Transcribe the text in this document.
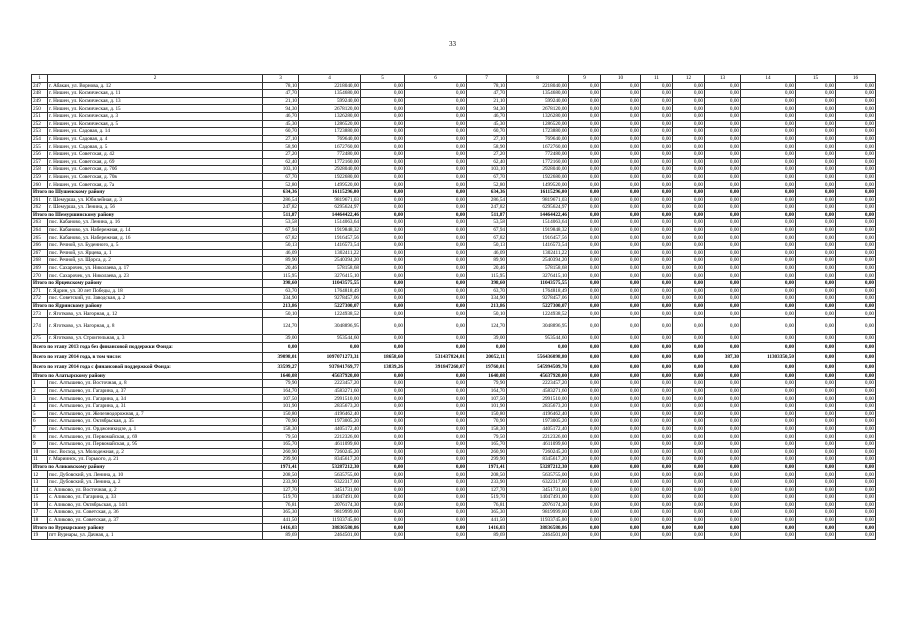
33
1	2	3	4	5	6	7	8	9	10	11	12	13	14	15	16
247	г. Абакан, ул. Ворнова, д. 12	78,10	2218040,00	0,00	0,00	78,10	2218040,00	0,00	0,00	0,00	0,00	0,00	0,00	0,00	0,00
248	г. Нишен, ул. Космическая, д. 11	47,70	1354680,00	0,00	0,00	47,70	1354680,00	0,00	0,00	0,00	0,00	0,00	0,00	0,00	0,00
249	г. Нишен, ул. Космическая, д. 13	21,10	599240,00	0,00	0,00	21,10	599240,00	0,00	0,00	0,00	0,00	0,00	0,00	0,00	0,00
250	г. Нишен, ул. Космическая, д. 15	94,30	2678120,00	0,00	0,00	94,30	2678120,00	0,00	0,00	0,00	0,00	0,00	0,00	0,00	0,00
251	г. Нишен, ул. Космическая, д. 3	46,70	1326280,00	0,00	0,00	46,70	1326280,00	0,00	0,00	0,00	0,00	0,00	0,00	0,00	0,00
252	г. Нишен, ул. Космическая, д. 5	45,30	1286520,00	0,00	0,00	45,30	1286520,00	0,00	0,00	0,00	0,00	0,00	0,00	0,00	0,00
253	г. Нишен, ул. Садовая, д. 14	60,70	1723880,00	0,00	0,00	60,70	1723880,00	0,00	0,00	0,00	0,00	0,00	0,00	0,00	0,00
254	г. Нишен, ул. Садовая, д. 4	27,10	769640,00	0,00	0,00	27,10	769640,00	0,00	0,00	0,00	0,00	0,00	0,00	0,00	0,00
255	г. Нишен, ул. Садовая, д. 5	58,90	1672760,00	0,00	0,00	58,90	1672760,00	0,00	0,00	0,00	0,00	0,00	0,00	0,00	0,00
256	г. Нишен, ул. Советская, д. 42	27,20	772480,00	0,00	0,00	27,20	772480,00	0,00	0,00	0,00	0,00	0,00	0,00	0,00	0,00
257	г. Нишен, ул. Советская, д. 69	62,40	1772160,00	0,00	0,00	62,40	1772160,00	0,00	0,00	0,00	0,00	0,00	0,00	0,00	0,00
258	г. Нишен, ул. Советская, д. 70б	103,10	2928040,00	0,00	0,00	103,10	2928040,00	0,00	0,00	0,00	0,00	0,00	0,00	0,00	0,00
259	г. Нишен, ул. Советская, д. 70в	67,70	1922680,00	0,00	0,00	67,70	1922680,00	0,00	0,00	0,00	0,00	0,00	0,00	0,00	0,00
260	г. Нишен, ул. Советская, д. 7а	52,80	1499520,00	0,00	0,00	52,80	1499520,00	0,00	0,00	0,00	0,00	0,00	0,00	0,00	0,00
Итого по Шушенскому району		634,36	16115296,00	0,00	0,00	634,36	16115296,00	0,00	0,00	0,00	0,00	0,00	0,00	0,00	0,00
261	г. Шемурша, ул. Юбилейная, д. 3	286,54	9819671,03	0,00	0,00	286,54	9819671,03	0,00	0,00	0,00	0,00	0,00	0,00	0,00	0,00
262	г. Шемурша, ул. Ленина, д. 56	247,82	6295624,97	0,00	0,00	247,82	6295624,97	0,00	0,00	0,00	0,00	0,00	0,00	0,00	0,00
Итого по Шемуршинскому району		511,87	14464422,46	0,00	0,00	511,87	14464422,46	0,00	0,00	0,00	0,00	0,00	0,00	0,00	0,00
263	пос. Кабаново, ул. Ленина, д. 16	53,58	1514063,64	0,00	0,00	53,58	1514063,64	0,00	0,00	0,00	0,00	0,00	0,00	0,00	0,00
264	пос. Кабаново, ул. Набережная, д. 14	67,94	1919848,32	0,00	0,00	67,94	1919848,32	0,00	0,00	0,00	0,00	0,00	0,00	0,00	0,00
265	пос. Кабаново, ул. Набережная, д. 16	67,82	1916457,56	0,00	0,00	67,82	1916457,56	0,00	0,00	0,00	0,00	0,00	0,00	0,00	0,00
266	пос. Речной, ул. Буденного, д. 5	50,13	1416573,54	0,00	0,00	50,13	1416573,54	0,00	0,00	0,00	0,00	0,00	0,00	0,00	0,00
267	пос. Речной, ул. Ярцева, д. 1	46,09	1302411,22	0,00	0,00	46,09	1302411,22	0,00	0,00	0,00	0,00	0,00	0,00	0,00	0,00
268	пос. Речной, ул. Щорса, д. 2	89,90	2540394,20	0,00	0,00	89,90	2540394,20	0,00	0,00	0,00	0,00	0,00	0,00	0,00	0,00
269	пос. Сахарочек, ул. Николаева, д. 17	20,46	578158,68	0,00	0,00	20,46	578158,68	0,00	0,00	0,00	0,00	0,00	0,00	0,00	0,00
270	пос. Сахарочек, ул. Николаева, д. 23	115,95	3276415,10	0,00	0,00	115,95	3276415,10	0,00	0,00	0,00	0,00	0,00	0,00	0,00	0,00
Итого по Ярцевскому району		398,60	11043575,55	0,00	0,00	398,60	11043575,55	0,00	0,00	0,00	0,00	0,00	0,00	0,00	0,00
271	г. Ядрин, ул. 30 лет Победы, д. 18	63,70	1764818,49	0,00	0,00	63,70	1764818,49	0,00	0,00	0,00	0,00	0,00	0,00	0,00	0,00
272	пос. Советский, ул. Заводская, д. 2	334,90	9278457,06	0,00	0,00	334,90	9278457,06	0,00	0,00	0,00	0,00	0,00	0,00	0,00	0,00
Итого по Ядринскому району		213,86	5227300,07	0,00	0,00	213,86	5227300,07	0,00	0,00	0,00	0,00	0,00	0,00	0,00	0,00
273	г. Яготково, ул. Нагорная, д. 12	50,10	1224938,52	0,00	0,00	50,10	1224938,52	0,00	0,00	0,00	0,00	0,00	0,00	0,00	0,00
274	г. Яготково, ул. Нагорная, д. 8	124,70	3048896,95	0,00	0,00	124,70	3048896,95	0,00	0,00	0,00	0,00	0,00	0,00	0,00	0,00
275	г. Яготково, ул. Строительная, д. 3	39,00	953544,60	0,00	0,00	39,00	953544,60	0,00	0,00	0,00	0,00	0,00	0,00	0,00	0,00
Всего по этапу 2013 года без финансовой поддержки Фонда:		0,00	0,00	0,00	0,00	0,00	0,00	0,00	0,00	0,00	0,00	0,00	0,00	0,00	0,00
Всего по этапу 2014 года, в том числе:		39098,01	1097071273,31	18658,60	531437824,01	20052,11	556436098,80	0,00	0,00	0,00	0,00	387,30	11303350,50	0,00	0,00
Всего по этапу 2014 года с финансовой поддержкой Фонда:		33599,27	937841769,77	13839,26	391847260,07	19760,01	545994509,70	0,00	0,00	0,00	0,00	0,00	0,00	0,00	0,00
Итого по Алатырскому району		1640,08	45637920,00	0,00	0,00	1640,08	45637920,00	0,00	0,00	0,00	0,00	0,00	0,00	0,00	0,00
1	пос. Алтышево, ул. Восточная, д. 8	79,90	2223457,20	0,00	0,00	79,90	2223457,20	0,00	0,00	0,00	0,00	0,00	0,00	0,00	0,00
2	пос. Алтышево, ул. Гагарина, д. 37	164,70	4583271,60	0,00	0,00	164,70	4583271,60	0,00	0,00	0,00	0,00	0,00	0,00	0,00	0,00
3	пос. Алтышево, ул. Гагарина, д. 34	107,50	2991510,00	0,00	0,00	107,50	2991510,00	0,00	0,00	0,00	0,00	0,00	0,00	0,00	0,00
4	пос. Алтышево, ул. Гагарина, д. 31	101,90	2835673,20	0,00	0,00	101,90	2835673,20	0,00	0,00	0,00	0,00	0,00	0,00	0,00	0,00
5	пос. Алтышево, ул. Железнодорожная, д. 7	150,80	4196462,40	0,00	0,00	150,80	4196462,40	0,00	0,00	0,00	0,00	0,00	0,00	0,00	0,00
6	пос. Алтышево, ул. Октябрьская, д. 35	70,90	1973005,20	0,00	0,00	70,90	1973005,20	0,00	0,00	0,00	0,00	0,00	0,00	0,00	0,00
7	пос. Алтышево, ул. Орджоникидзе, д. 1	158,30	4405172,40	0,00	0,00	158,30	4405172,40	0,00	0,00	0,00	0,00	0,00	0,00	0,00	0,00
8	пос. Алтышево, ул. Первомайская, д. 69	79,50	2212326,00	0,00	0,00	79,50	2212326,00	0,00	0,00	0,00	0,00	0,00	0,00	0,00	0,00
9	пос. Алтышево, ул. Первомайская, д. 95	165,70	4611099,60	0,00	0,00	165,70	4611099,60	0,00	0,00	0,00	0,00	0,00	0,00	0,00	0,00
10	пос. Восход, ул. Молодежная, д. 2	260,90	7260245,20	0,00	0,00	260,90	7260245,20	0,00	0,00	0,00	0,00	0,00	0,00	0,00	0,00
11	г. Мариинск, ул. Горького, д. 21	299,90	8345617,20	0,00	0,00	299,90	8345617,20	0,00	0,00	0,00	0,00	0,00	0,00	0,00	0,00
Итого по Аликовскому району		1971,41	53287212,30	0,00	0,00	1971,41	53287212,30	0,00	0,00	0,00	0,00	0,00	0,00	0,00	0,00
12	пос. Дубовский, ул. Ленина, д. 10	208,50	5635755,00	0,00	0,00	208,50	5635755,00	0,00	0,00	0,00	0,00	0,00	0,00	0,00	0,00
13	пос. Дубовский, ул. Ленина, д. 2	233,90	6322317,00	0,00	0,00	233,90	6322317,00	0,00	0,00	0,00	0,00	0,00	0,00	0,00	0,00
14	с. Аликово, ул. Восточная, д. 2	127,70	3451731,00	0,00	0,00	127,70	3451731,00	0,00	0,00	0,00	0,00	0,00	0,00	0,00	0,00
15	с. Аликово, ул. Гагарина, д. 33	519,70	14047491,00	0,00	0,00	519,70	14047491,00	0,00	0,00	0,00	0,00	0,00	0,00	0,00	0,00
16	с. Аликово, ул. Октябрьская, д. 14/1	76,81	2076174,30	0,00	0,00	76,81	2076174,30	0,00	0,00	0,00	0,00	0,00	0,00	0,00	0,00
17	с. Аликово, ул. Советская, д. 36	365,30	9819999,00	0,00	0,00	365,30	9819999,00	0,00	0,00	0,00	0,00	0,00	0,00	0,00	0,00
18	с. Аликово, ул. Советская, д. 37	441,50	11933745,00	0,00	0,00	441,50	11933745,00	0,00	0,00	0,00	0,00	0,00	0,00	0,00	0,00
Итого по Вурнарскому району		1416,03	38836580,86	0,00	0,00	1416,03	38836580,86	0,00	0,00	0,00	0,00	0,00	0,00	0,00	0,00
19	пгт Вурнары, ул. Дачная, д. 1	89,69	2464501,00	0,00	0,00	89,69	2464501,00	0,00	0,00	0,00	0,00	0,00	0,00	0,00	0,00
